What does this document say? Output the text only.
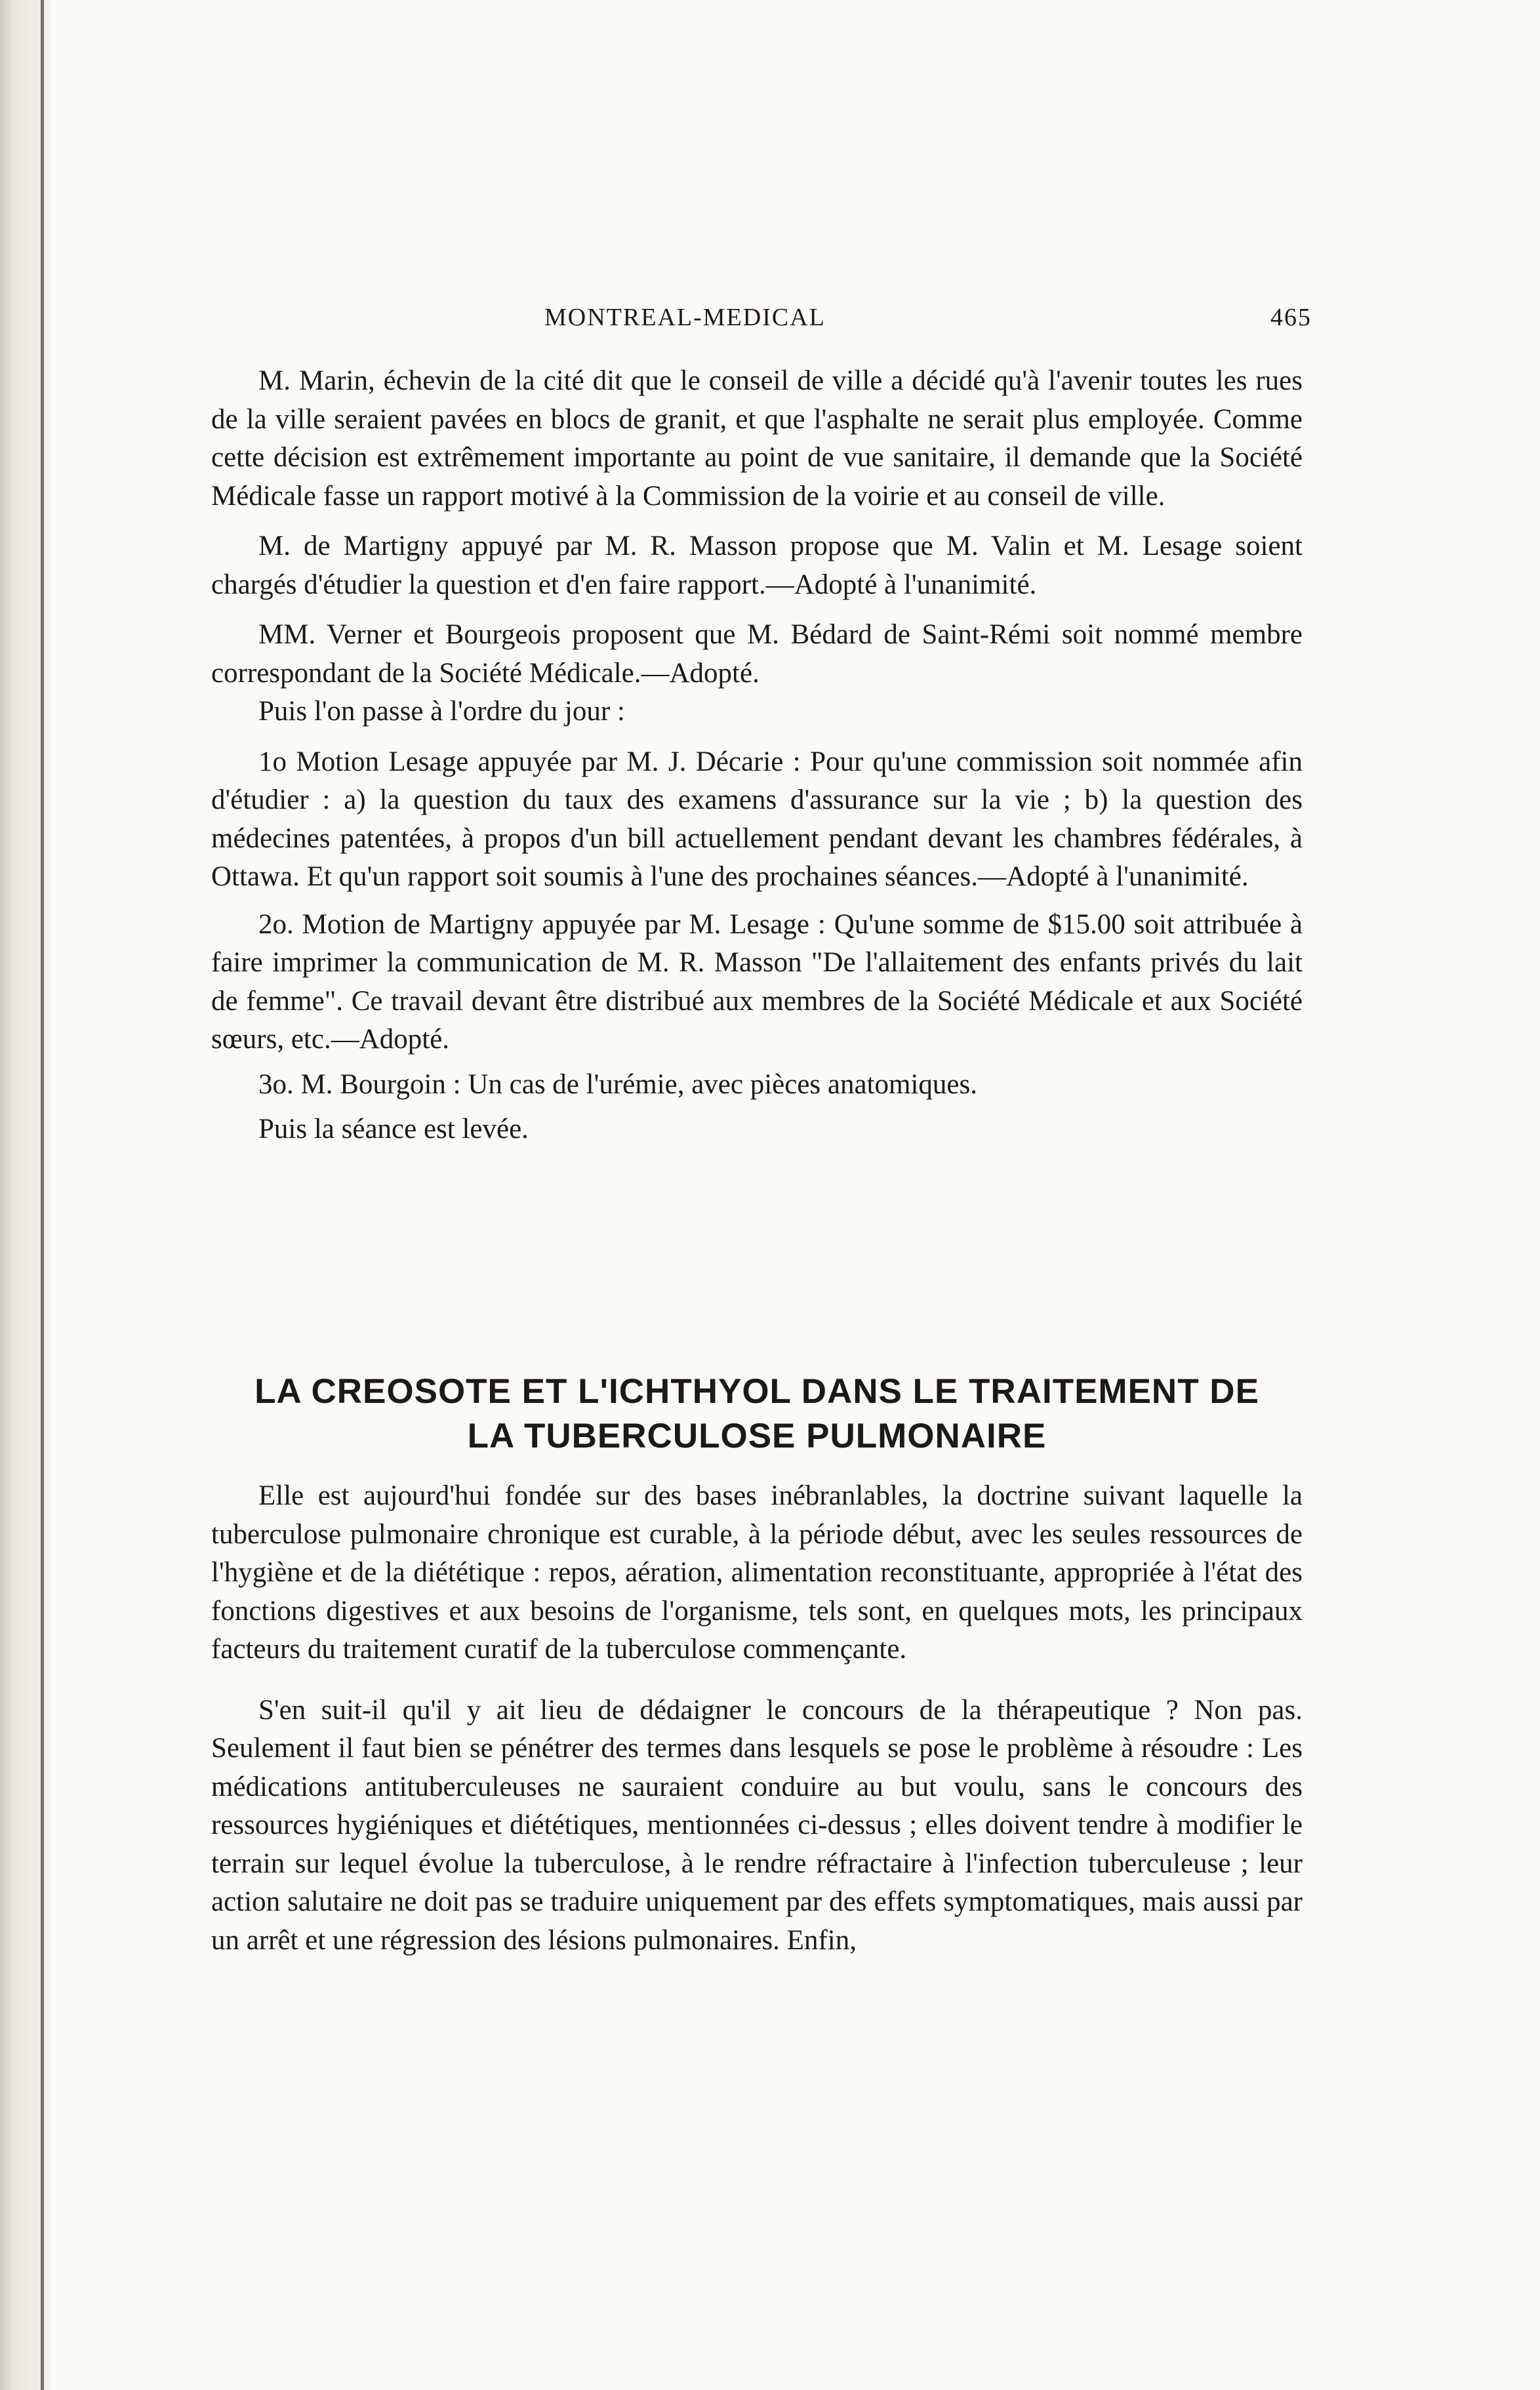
MONTREAL-MEDICAL	465

M. Marin, échevin de la cité dit que le conseil de ville a décidé qu'à l'avenir toutes les rues de la ville seraient pavées en blocs de granit, et que l'asphalte ne serait plus employée. Comme cette décision est extrêmement importante au point de vue sanitaire, il demande que la Société Médicale fasse un rapport motivé à la Commission de la voirie et au conseil de ville.

M. de Martigny appuyé par M. R. Masson propose que M. Valin et M. Lesage soient chargés d'étudier la question et d'en faire rapport.—Adopté à l'unanimité.

MM. Verner et Bourgeois proposent que M. Bédard de Saint-Rémi soit nommé membre correspondant de la Société Médicale.—Adopté.

Puis l'on passe à l'ordre du jour :

1o Motion Lesage appuyée par M. J. Décarie : Pour qu'une commission soit nommée afin d'étudier : a) la question du taux des examens d'assurance sur la vie ; b) la question des médecines patentées, à propos d'un bill actuellement pendant devant les chambres fédérales, à Ottawa. Et qu'un rapport soit soumis à l'une des prochaines séances.—Adopté à l'unanimité.

2o. Motion de Martigny appuyée par M. Lesage : Qu'une somme de $15.00 soit attribuée à faire imprimer la communication de M. R. Masson "De l'allaitement des enfants privés du lait de femme". Ce travail devant être distribué aux membres de la Société Médicale et aux Société sœurs, etc.—Adopté.

3o. M. Bourgoin : Un cas de l'urémie, avec pièces anatomiques.

Puis la séance est levée.

LA CREOSOTE ET L'ICHTHYOL DANS LE TRAITEMENT DE
LA TUBERCULOSE PULMONAIRE

Elle est aujourd'hui fondée sur des bases inébranlables, la doctrine suivant laquelle la tuberculose pulmonaire chronique est curable, à la période début, avec les seules ressources de l'hygiène et de la diététique : repos, aération, alimentation reconstituante, appropriée à l'état des fonctions digestives et aux besoins de l'organisme, tels sont, en quelques mots, les principaux facteurs du traitement curatif de la tuberculose commençante.

S'en suit-il qu'il y ait lieu de dédaigner le concours de la thérapeutique ? Non pas. Seulement il faut bien se pénétrer des termes dans lesquels se pose le problème à résoudre : Les médications antituberculeuses ne sauraient conduire au but voulu, sans le concours des ressources hygiéniques et diététiques, mentionnées ci-dessus ; elles doivent tendre à modifier le terrain sur lequel évolue la tuberculose, à le rendre réfractaire à l'infection tuberculeuse ; leur action salutaire ne doit pas se traduire uniquement par des effets symptomatiques, mais aussi par un arrêt et une régression des lésions pulmonaires. Enfin,
